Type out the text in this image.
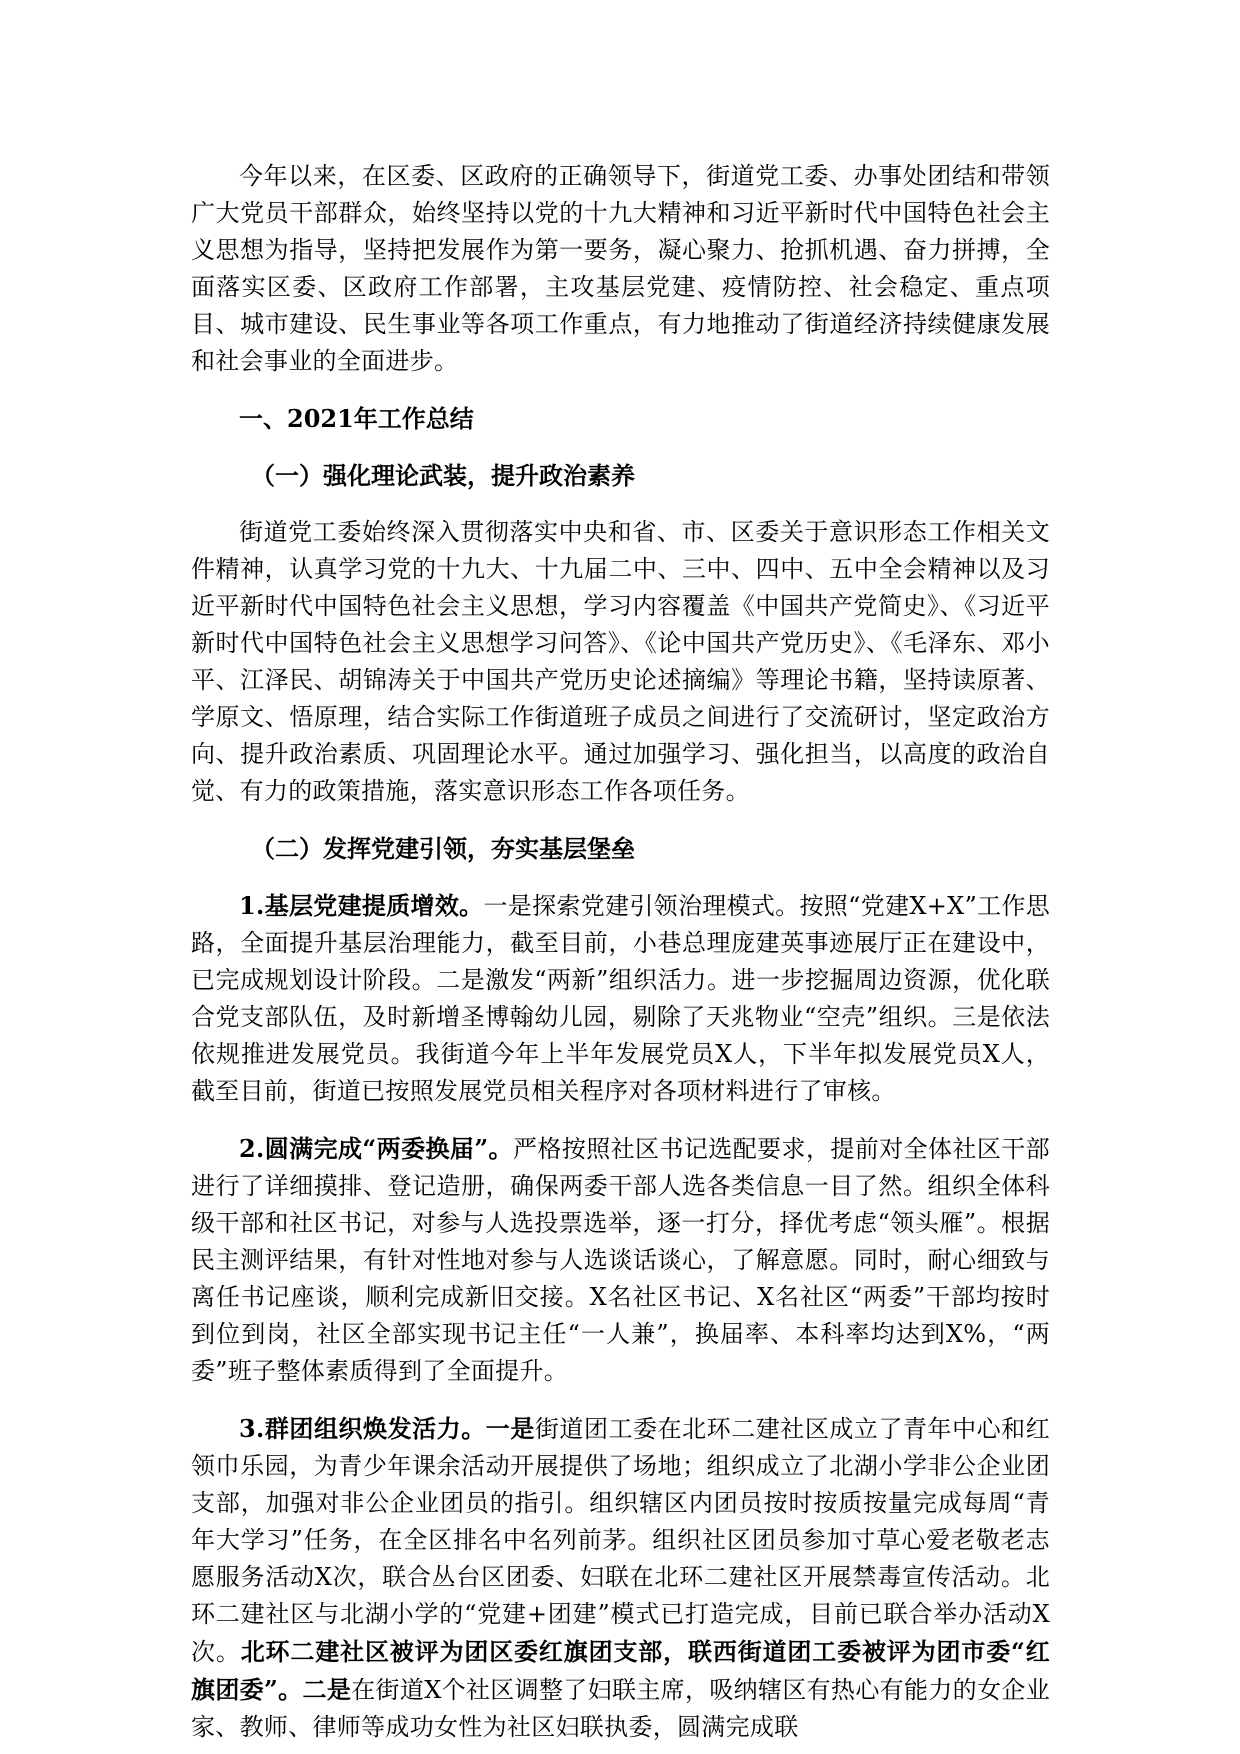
今年以来，在区委、区政府的正确领导下，街道党工委、办事处团结和带领广大党员干部群众，始终坚持以党的十九大精神和习近平新时代中国特色社会主义思想为指导，坚持把发展作为第一要务，凝心聚力、抢抓机遇、奋力拼搏，全面落实区委、区政府工作部署，主攻基层党建、疫情防控、社会稳定、重点项目、城市建设、民生事业等各项工作重点，有力地推动了街道经济持续健康发展和社会事业的全面进步。

一、2021年工作总结

（一）强化理论武装，提升政治素养

街道党工委始终深入贯彻落实中央和省、市、区委关于意识形态工作相关文件精神，认真学习党的十九大、十九届二中、三中、四中、五中全会精神以及习近平新时代中国特色社会主义思想，学习内容覆盖《中国共产党简史》、《习近平新时代中国特色社会主义思想学习问答》、《论中国共产党历史》、《毛泽东、邓小平、江泽民、胡锦涛关于中国共产党历史论述摘编》等理论书籍，坚持读原著、学原文、悟原理，结合实际工作街道班子成员之间进行了交流研讨，坚定政治方向、提升政治素质、巩固理论水平。通过加强学习、强化担当，以高度的政治自觉、有力的政策措施，落实意识形态工作各项任务。

（二）发挥党建引领，夯实基层堡垒

1.基层党建提质增效。一是探索党建引领治理模式。按照“党建X+X”工作思路，全面提升基层治理能力，截至目前，小巷总理庞建英事迹展厅正在建设中，已完成规划设计阶段。二是激发“两新”组织活力。进一步挖掘周边资源，优化联合党支部队伍，及时新增圣博翰幼儿园，剔除了天兆物业“空壳”组织。三是依法依规推进发展党员。我街道今年上半年发展党员X人，下半年拟发展党员X人，截至目前，街道已按照发展党员相关程序对各项材料进行了审核。

2.圆满完成“两委换届”。严格按照社区书记选配要求，提前对全体社区干部进行了详细摸排、登记造册，确保两委干部人选各类信息一目了然。组织全体科级干部和社区书记，对参与人选投票选举，逐一打分，择优考虑“领头雁”。根据民主测评结果，有针对性地对参与人选谈话谈心，了解意愿。同时，耐心细致与离任书记座谈，顺利完成新旧交接。X名社区书记、X名社区“两委”干部均按时到位到岗，社区全部实现书记主任“一人兼”，换届率、本科率均达到X%，“两委”班子整体素质得到了全面提升。

3.群团组织焕发活力。一是街道团工委在北环二建社区成立了青年中心和红领巾乐园，为青少年课余活动开展提供了场地；组织成立了北湖小学非公企业团支部，加强对非公企业团员的指引。组织辖区内团员按时按质按量完成每周“青年大学习”任务，在全区排名中名列前茅。组织社区团员参加寸草心爱老敬老志愿服务活动X次，联合丛台区团委、妇联在北环二建社区开展禁毒宣传活动。北环二建社区与北湖小学的“党建+团建”模式已打造完成，目前已联合举办活动X次。北环二建社区被评为团区委红旗团支部，联西街道团工委被评为团市委“红旗团委”。二是在街道X个社区调整了妇联主席，吸纳辖区有热心有能力的女企业家、教师、律师等成功女性为社区妇联执委，圆满完成联
